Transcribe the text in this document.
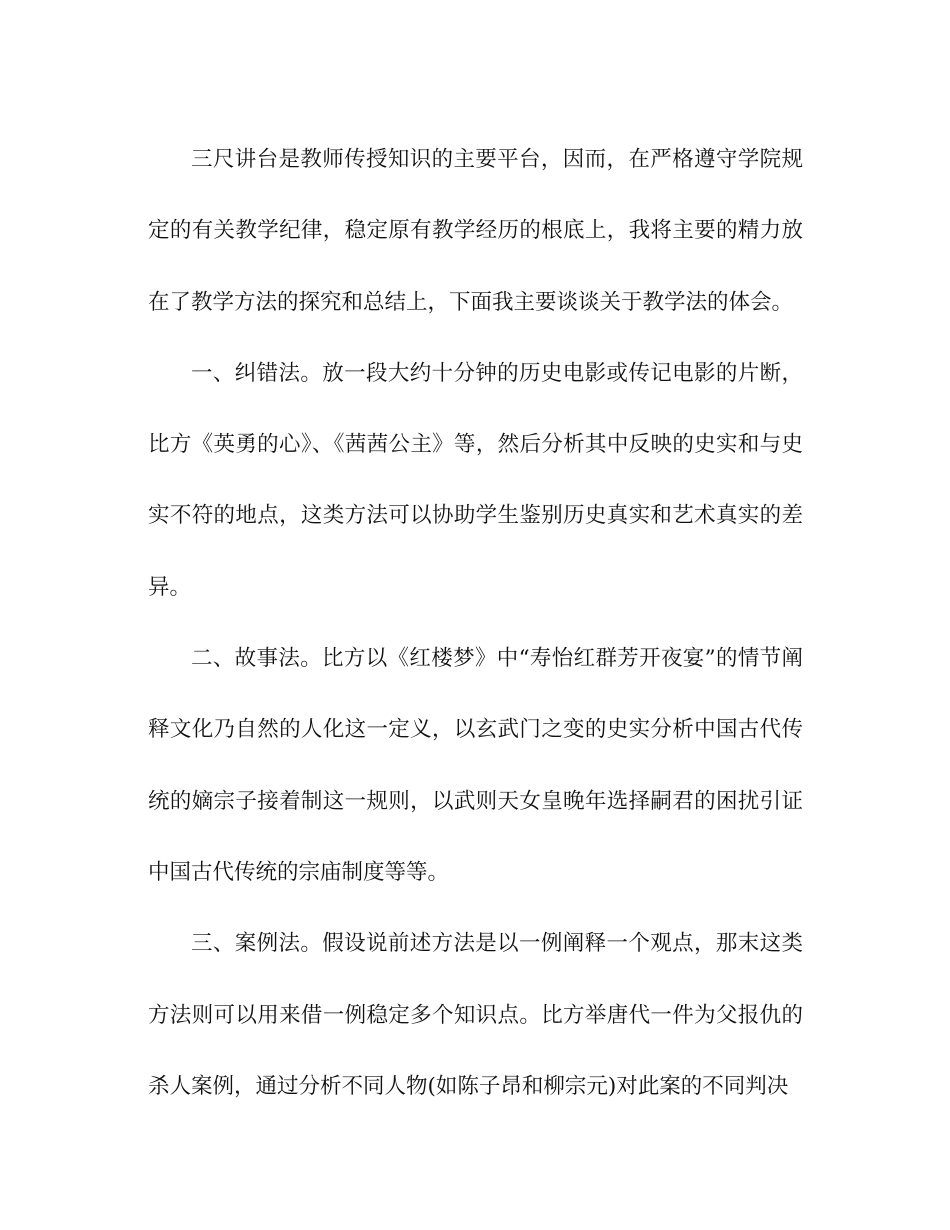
三尺讲台是教师传授知识的主要平台，因而，在严格遵守学院规定的有关教学纪律，稳定原有教学经历的根底上，我将主要的精力放在了教学方法的探究和总结上，下面我主要谈谈关于教学法的体会。

一、纠错法。放一段大约十分钟的历史电影或传记电影的片断，比方《英勇的心》、《茜茜公主》等，然后分析其中反映的史实和与史实不符的地点，这类方法可以协助学生鉴别历史真实和艺术真实的差异。

二、故事法。比方以《红楼梦》中“寿怡红群芳开夜宴”的情节阐释文化乃自然的人化这一定义，以玄武门之变的史实分析中国古代传统的嫡宗子接着制这一规则，以武则天女皇晚年选择嗣君的困扰引证中国古代传统的宗庙制度等等。

三、案例法。假设说前述方法是以一例阐释一个观点，那末这类方法则可以用来借一例稳定多个知识点。比方举唐代一件为父报仇的杀人案例，通过分析不同人物(如陈子昂和柳宗元)对此案的不同判决
